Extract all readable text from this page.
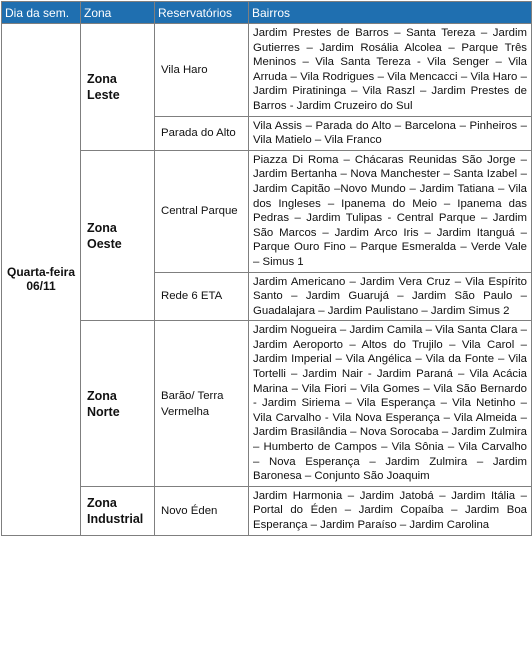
Dia da sem.	Zona	Reservatórios	Bairros
Quarta-feira 06/11	Zona Leste	Vila Haro	Jardim Prestes de Barros – Santa Tereza – Jardim Gutierres – Jardim Rosália Alcolea – Parque Três Meninos – Vila Santa Tereza - Vila Senger – Vila Arruda – Vila Rodrigues – Vila Mencacci – Vila Haro – Jardim Piratininga – Vila Raszl – Jardim Prestes de Barros - Jardim Cruzeiro do Sul
		Parada do Alto	Vila Assis – Parada do Alto – Barcelona – Pinheiros – Vila Matielo – Vila Franco
	Zona Oeste	Central Parque	Piazza Di Roma – Chácaras Reunidas São Jorge – Jardim Bertanha – Nova Manchester – Santa Izabel – Jardim Capitão –Novo Mundo – Jardim Tatiana – Vila dos Ingleses – Ipanema do Meio – Ipanema das Pedras – Jardim Tulipas - Central Parque – Jardim São Marcos – Jardim Arco Iris – Jardim Itanguá – Parque Ouro Fino – Parque Esmeralda – Verde Vale – Simus 1
		Rede 6 ETA	Jardim Americano – Jardim Vera Cruz – Vila Espírito Santo – Jardim Guarujá – Jardim São Paulo – Guadalajara – Jardim Paulistano – Jardim Simus 2
	Zona Norte	Barão/ Terra Vermelha	Jardim Nogueira – Jardim Camila – Vila Santa Clara – Jardim Aeroporto – Altos do Trujilo – Vila Carol – Jardim Imperial – Vila Angélica – Vila da Fonte – Vila Tortelli – Jardim Nair - Jardim Paraná – Vila Acácia Marina – Vila Fiori – Vila Gomes – Vila São Bernardo - Jardim Siriema – Vila Esperança – Vila Netinho – Vila Carvalho - Vila Nova Esperança – Vila Almeida – Jardim Brasilândia – Nova Sorocaba – Jardim Zulmira – Humberto de Campos – Vila Sônia – Vila Carvalho – Nova Esperança – Jardim Zulmira – Jardim Baronesa – Conjunto São Joaquim
	Zona Industrial	Novo Éden	Jardim Harmonia – Jardim Jatobá – Jardim Itália – Portal do Éden – Jardim Copaíba – Jardim Boa Esperança – Jardim Paraíso – Jardim Carolina
